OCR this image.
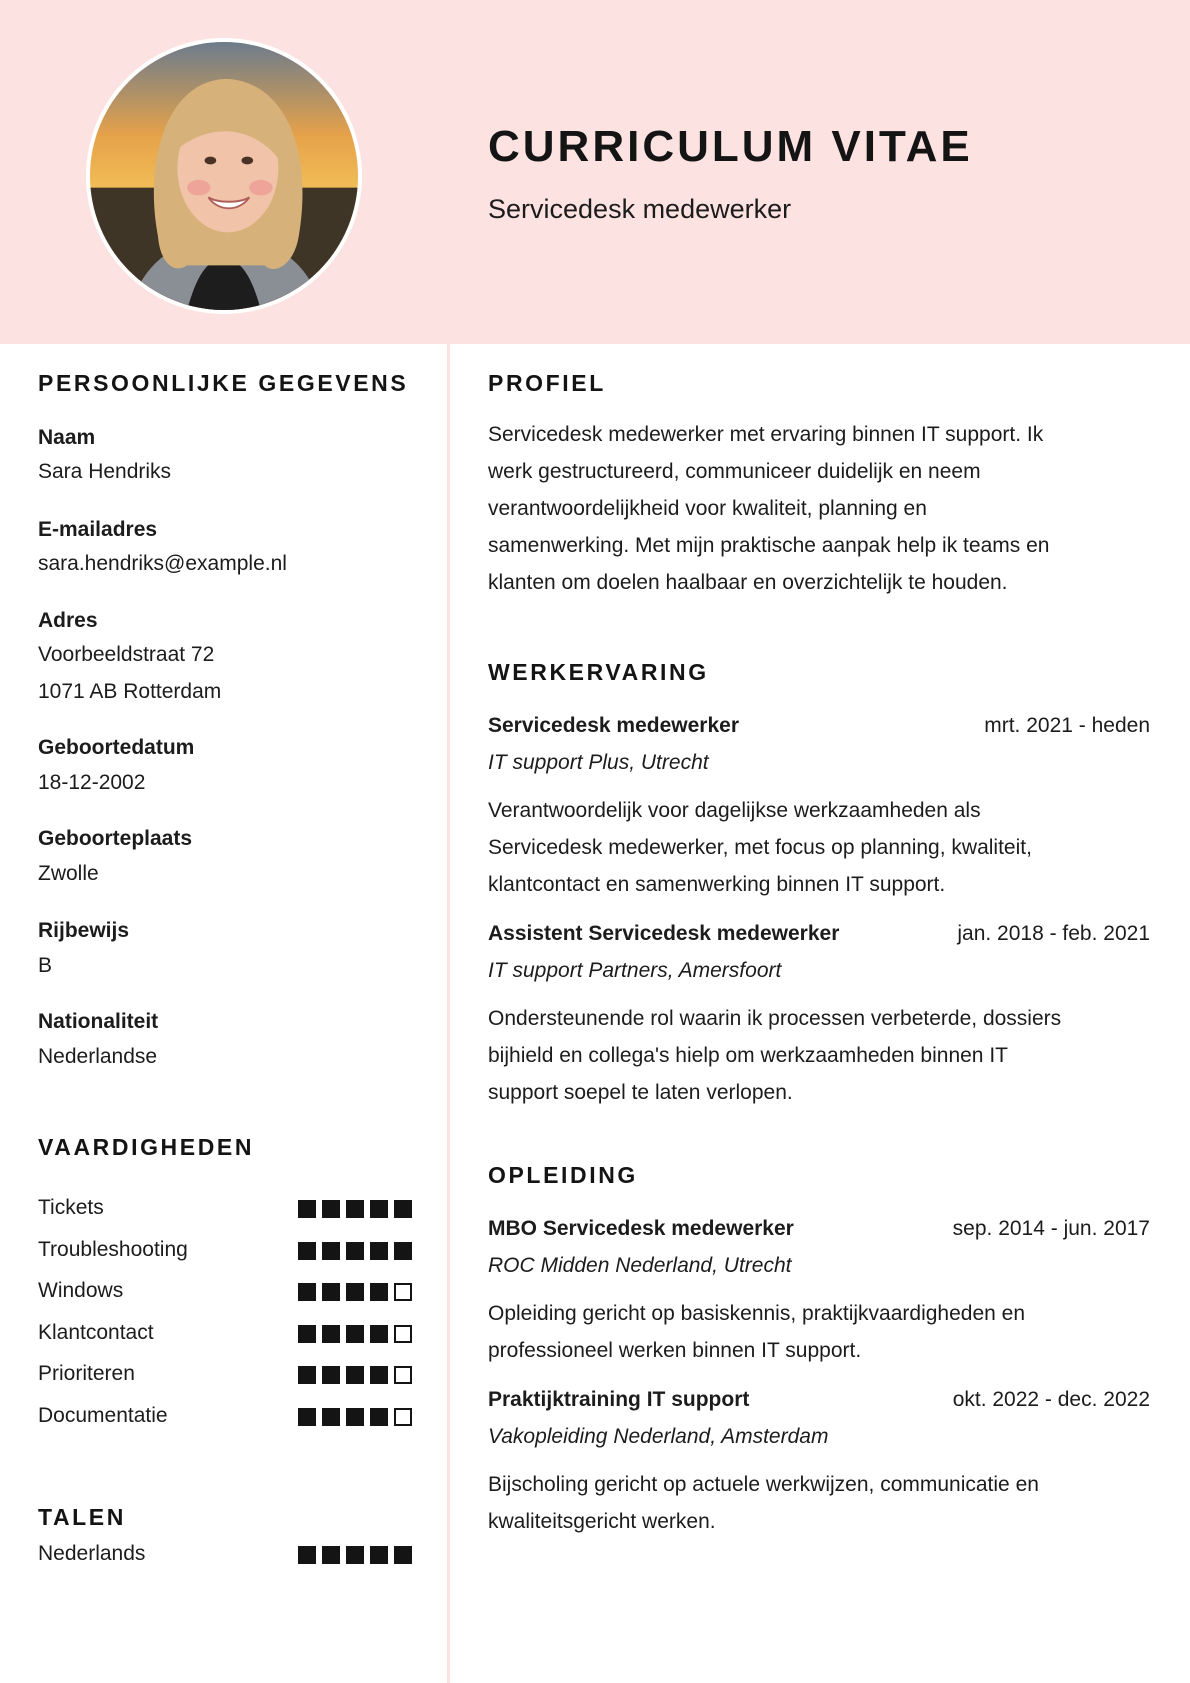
CURRICULUM VITAE
Servicedesk medewerker
PERSOONLIJKE GEGEVENS
Naam
Sara Hendriks
E-mailadres
sara.hendriks@example.nl
Adres
Voorbeeldstraat 72
1071 AB Rotterdam
Geboortedatum
18-12-2002
Geboorteplaats
Zwolle
Rijbewijs
B
Nationaliteit
Nederlandse
VAARDIGHEDEN
Tickets
Troubleshooting
Windows
Klantcontact
Prioriteren
Documentatie
TALEN
Nederlands
PROFIEL

Servicedesk medewerker met ervaring binnen IT support. Ik
werk gestructureerd, communiceer duidelijk en neem
verantwoordelijkheid voor kwaliteit, planning en
samenwerking. Met mijn praktische aanpak help ik teams en
klanten om doelen haalbaar en overzichtelijk te houden.

WERKERVARING
Servicedesk medewerker	mrt. 2021 - heden
IT support Plus, Utrecht

Verantwoordelijk voor dagelijkse werkzaamheden als
Servicedesk medewerker, met focus op planning, kwaliteit,
klantcontact en samenwerking binnen IT support.

Assistent Servicedesk medewerker	jan. 2018 - feb. 2021
IT support Partners, Amersfoort

Ondersteunende rol waarin ik processen verbeterde, dossiers
bijhield en collega's hielp om werkzaamheden binnen IT
support soepel te laten verlopen.

OPLEIDING
MBO Servicedesk medewerker	sep. 2014 - jun. 2017
ROC Midden Nederland, Utrecht

Opleiding gericht op basiskennis, praktijkvaardigheden en
professioneel werken binnen IT support.

Praktijktraining IT support	okt. 2022 - dec. 2022
Vakopleiding Nederland, Amsterdam

Bijscholing gericht op actuele werkwijzen, communicatie en
kwaliteitsgericht werken.
